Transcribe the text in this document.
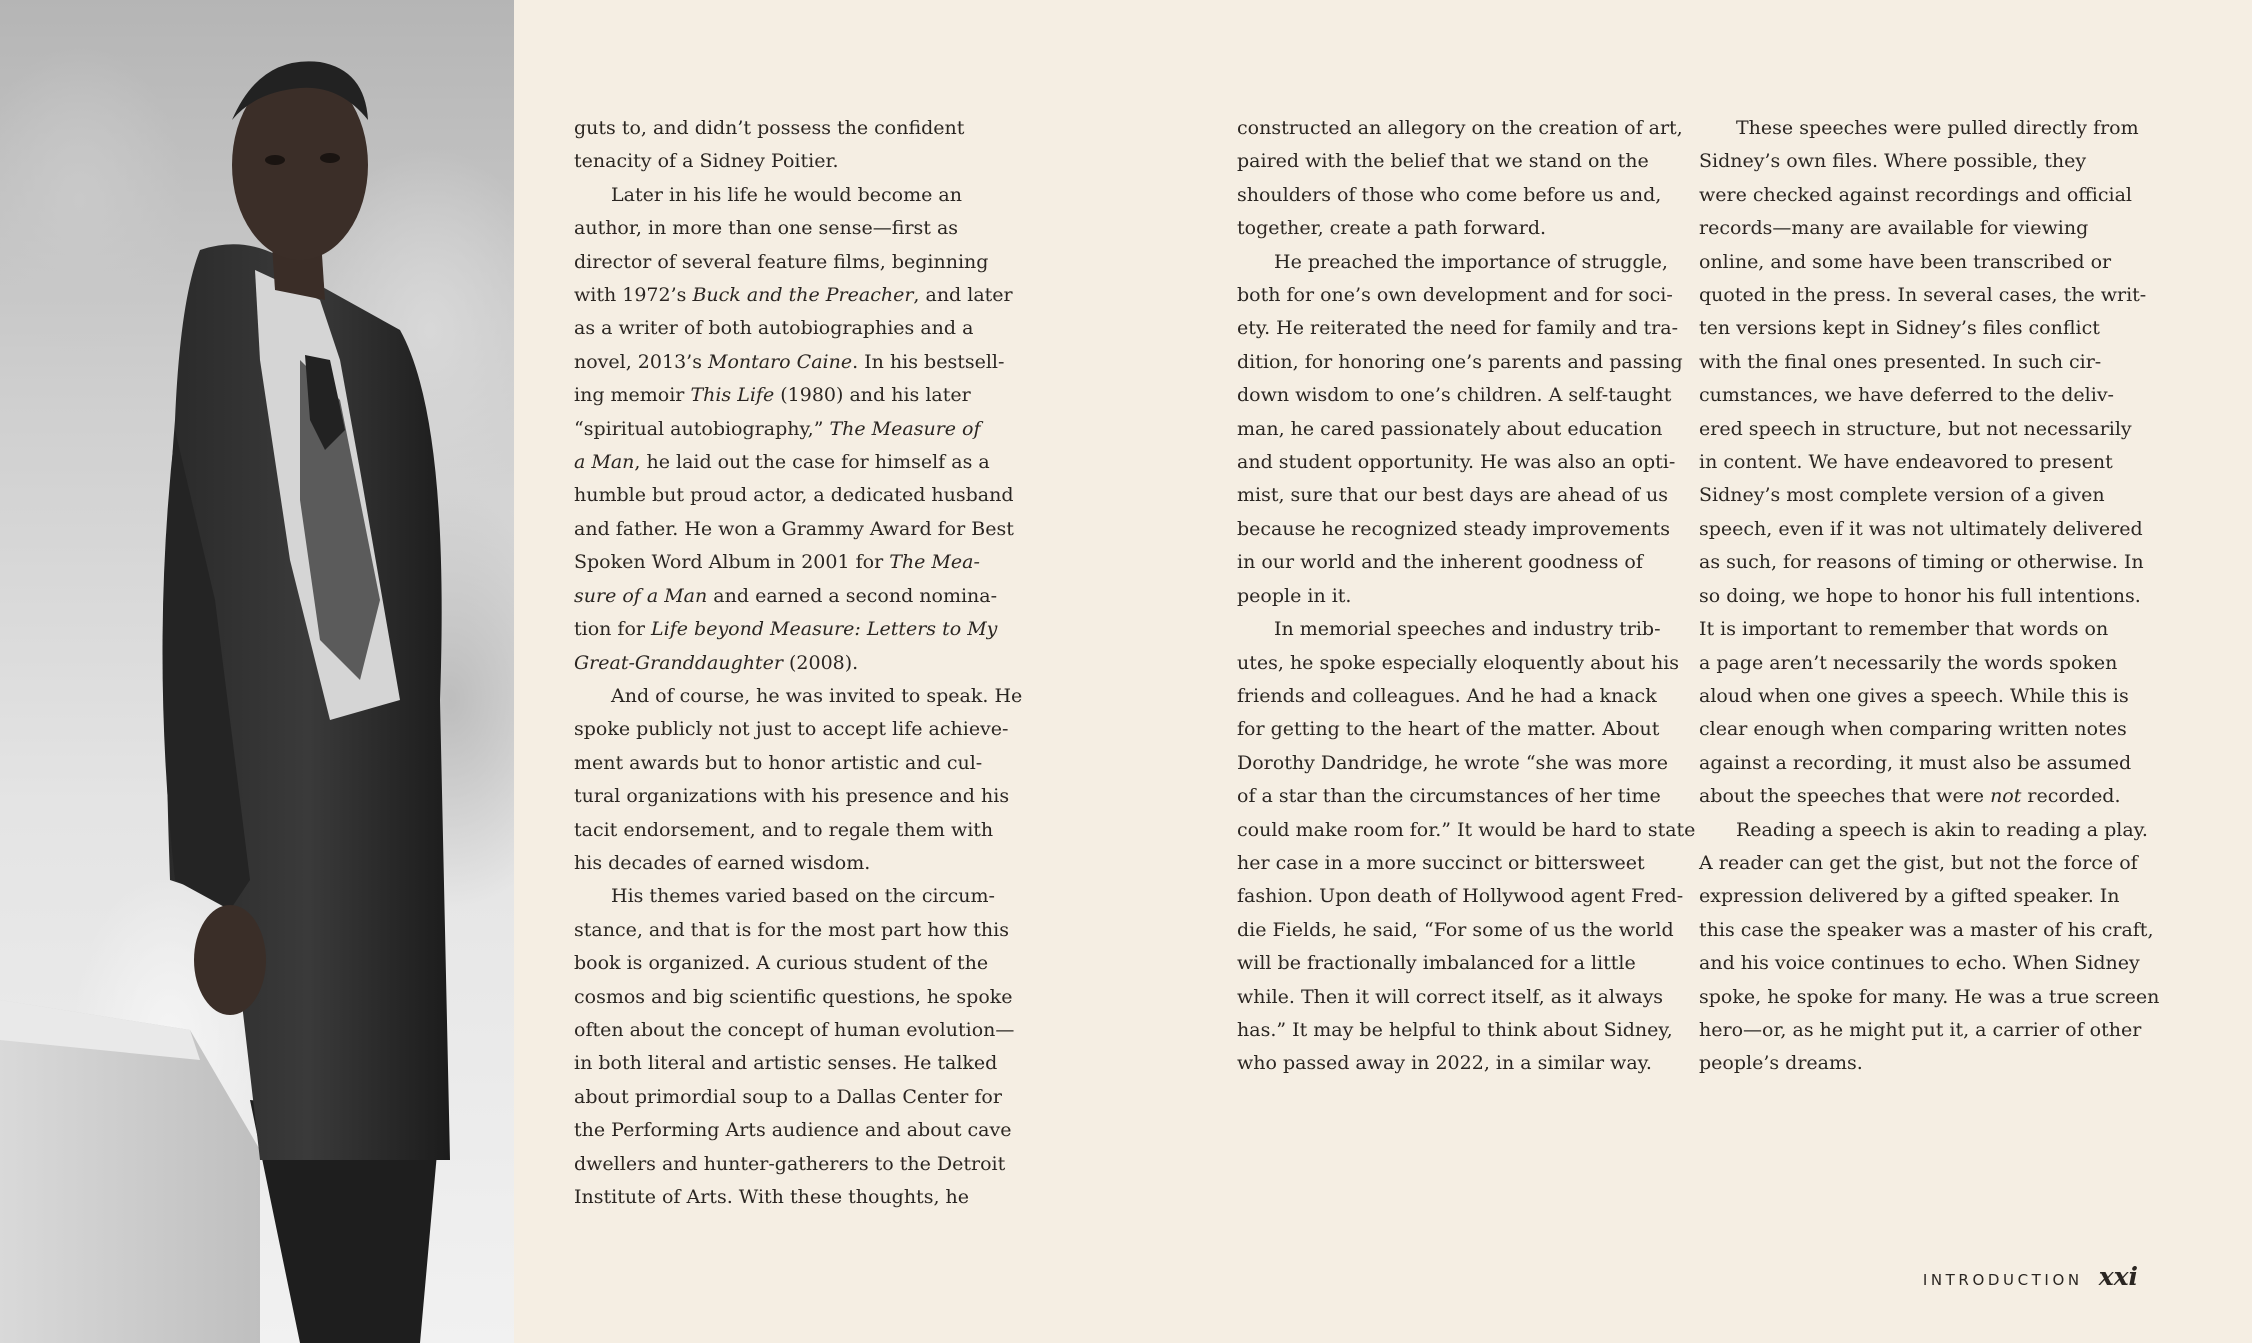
guts to, and didn’t possess the confident

tenacity of a Sidney Poitier.

Later in his life he would become an

author, in more than one sense—first as

director of several feature films, beginning

with 1972’s Buck and the Preacher, and later

as a writer of both autobiographies and a

novel, 2013’s Montaro Caine. In his bestsell-

ing memoir This Life (1980) and his later

“spiritual autobiography,” The Measure of

a Man, he laid out the case for himself as a

humble but proud actor, a dedicated husband

and father. He won a Grammy Award for Best

Spoken Word Album in 2001 for The Mea-

sure of a Man and earned a second nomina-

tion for Life beyond Measure: Letters to My

Great-Granddaughter (2008).

And of course, he was invited to speak. He

spoke publicly not just to accept life achieve-

ment awards but to honor artistic and cul-

tural organizations with his presence and his

tacit endorsement, and to regale them with

his decades of earned wisdom.

His themes varied based on the circum-

stance, and that is for the most part how this

book is organized. A curious student of the

cosmos and big scientific questions, he spoke

often about the concept of human evolution—

in both literal and artistic senses. He talked

about primordial soup to a Dallas Center for

the Performing Arts audience and about cave

dwellers and hunter-gatherers to the Detroit

Institute of Arts. With these thoughts, he

constructed an allegory on the creation of art,

paired with the belief that we stand on the

shoulders of those who come before us and,

together, create a path forward.

He preached the importance of struggle,

both for one’s own development and for soci-

ety. He reiterated the need for family and tra-

dition, for honoring one’s parents and passing

down wisdom to one’s children. A self-taught

man, he cared passionately about education

and student opportunity. He was also an opti-

mist, sure that our best days are ahead of us

because he recognized steady improvements

in our world and the inherent goodness of

people in it.

In memorial speeches and industry trib-

utes, he spoke especially eloquently about his

friends and colleagues. And he had a knack

for getting to the heart of the matter. About

Dorothy Dandridge, he wrote “she was more

of a star than the circumstances of her time

could make room for.” It would be hard to state

her case in a more succinct or bittersweet

fashion. Upon death of Hollywood agent Fred-

die Fields, he said, “For some of us the world

will be fractionally imbalanced for a little

while. Then it will correct itself, as it always

has.” It may be helpful to think about Sidney,

who passed away in 2022, in a similar way.

These speeches were pulled directly from

Sidney’s own files. Where possible, they

were checked against recordings and official

records—many are available for viewing

online, and some have been transcribed or

quoted in the press. In several cases, the writ-

ten versions kept in Sidney’s files conflict

with the final ones presented. In such cir-

cumstances, we have deferred to the deliv-

ered speech in structure, but not necessarily

in content. We have endeavored to present

Sidney’s most complete version of a given

speech, even if it was not ultimately delivered

as such, for reasons of timing or otherwise. In

so doing, we hope to honor his full intentions.

It is important to remember that words on

a page aren’t necessarily the words spoken

aloud when one gives a speech. While this is

clear enough when comparing written notes

against a recording, it must also be assumed

about the speeches that were not recorded.

Reading a speech is akin to reading a play.

A reader can get the gist, but not the force of

expression delivered by a gifted speaker. In

this case the speaker was a master of his craft,

and his voice continues to echo. When Sidney

spoke, he spoke for many. He was a true screen

hero—or, as he might put it, a carrier of other

people’s dreams.

INTRODUCTION xxi
